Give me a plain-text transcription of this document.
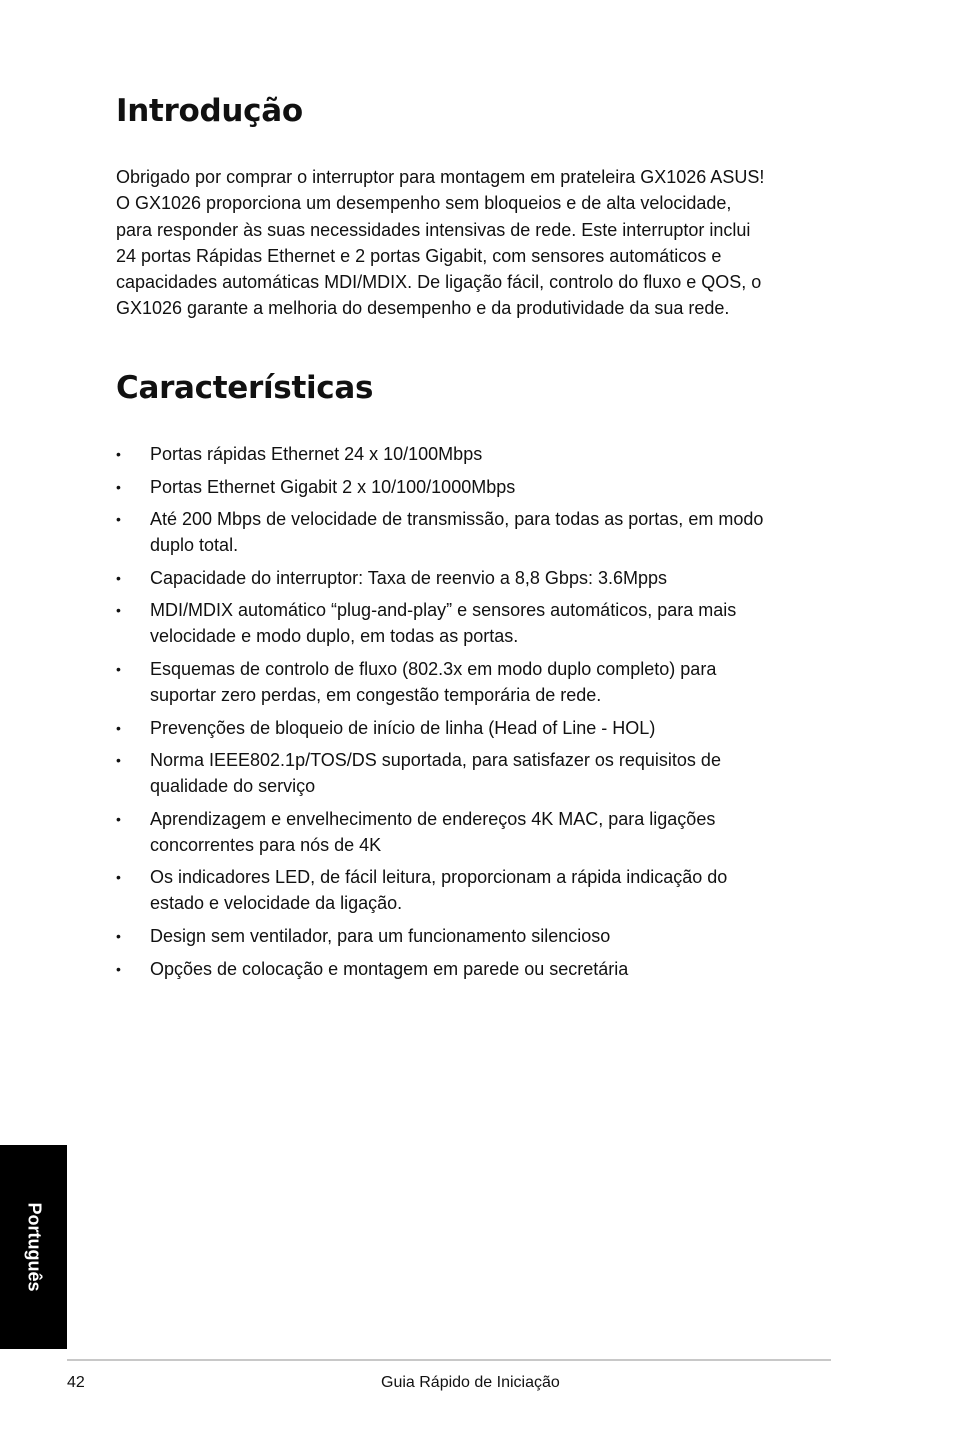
Introdução

Obrigado por comprar o interruptor para montagem em prateleira GX1026 ASUS!
O GX1026 proporciona um desempenho sem bloqueios e de alta velocidade,
para responder às suas necessidades intensivas de rede. Este interruptor inclui
24 portas Rápidas Ethernet e 2 portas Gigabit, com sensores automáticos e
capacidades automáticas MDI/MDIX. De ligação fácil, controlo do fluxo e QOS, o
GX1026 garante a melhoria do desempenho e da produtividade da sua rede.

Características
•	Portas rápidas Ethernet 24 x 10/100Mbps
•	Portas Ethernet Gigabit 2 x 10/100/1000Mbps
•	Até 200 Mbps de velocidade de transmissão, para todas as portas, em modo
duplo total.
•	Capacidade do interruptor: Taxa de reenvio a 8,8 Gbps: 3.6Mpps
•	MDI/MDIX automático “plug-and-play” e sensores automáticos, para mais
velocidade e modo duplo, em todas as portas.
•	Esquemas de controlo de fluxo (802.3x em modo duplo completo) para
suportar zero perdas, em congestão temporária de rede.
•	Prevenções de bloqueio de início de linha (Head of Line - HOL)
•	Norma IEEE802.1p/TOS/DS suportada, para satisfazer os requisitos de
qualidade do serviço
•	Aprendizagem e envelhecimento de endereços 4K MAC, para ligações
concorrentes para nós de 4K
•	Os indicadores LED, de fácil leitura, proporcionam a rápida indicação do
estado e velocidade da ligação.
•	Design sem ventilador, para um funcionamento silencioso
•	Opções de colocação e montagem em parede ou secretária
Português
42	Guia Rápido de Iniciação
